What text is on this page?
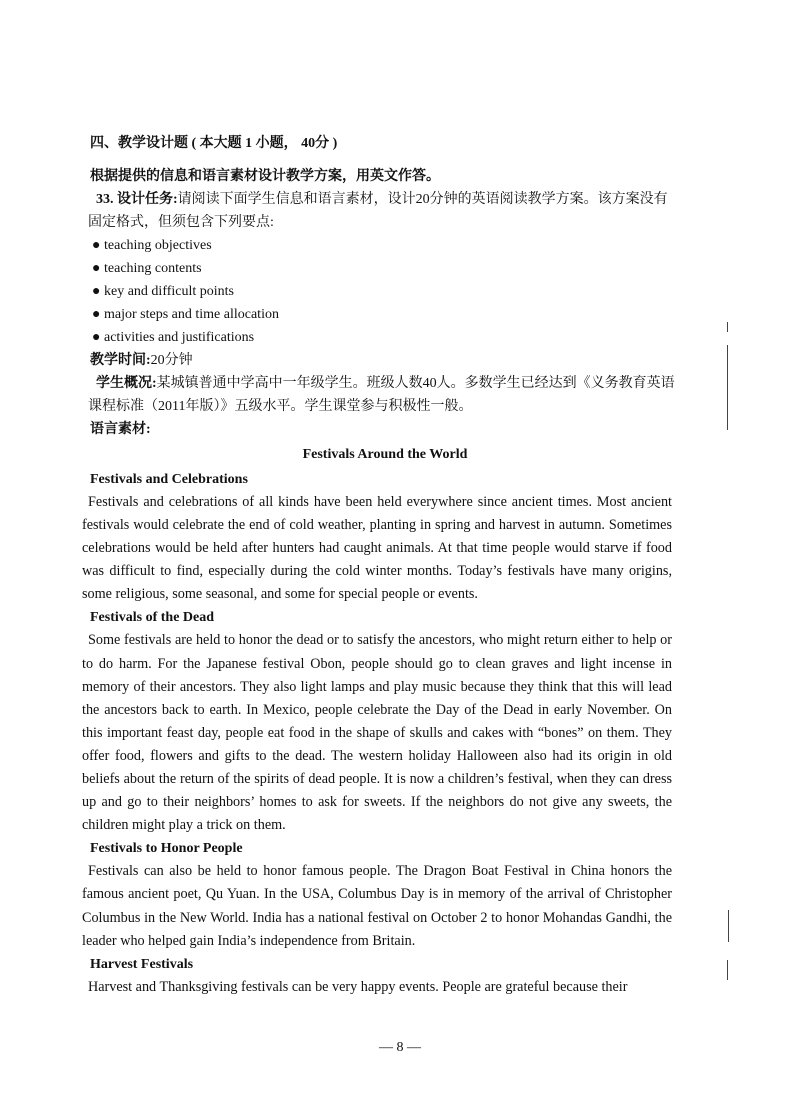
四、教学设计题 ( 本大题 1 小题， 40分 )

根据提供的信息和语言素材设计教学方案，用英文作答。

33. 设计任务:请阅读下面学生信息和语言素材，设计20分钟的英语阅读教学方案。该方案没有固定格式，但须包含下列要点:

● teaching objectives

● teaching contents

● key and difficult points

● major steps and time allocation

● activities and justifications

教学时间:20分钟

学生概况:某城镇普通中学高中一年级学生。班级人数40人。多数学生已经达到《义务教育英语课程标准（2011年版）》五级水平。学生课堂参与积极性一般。

语言素材:

Festivals Around the World

Festivals and Celebrations

Festivals and celebrations of all kinds have been held everywhere since ancient times. Most ancient festivals would celebrate the end of cold weather, planting in spring and harvest in autumn. Sometimes celebrations would be held after hunters had caught animals. At that time people would starve if food was difficult to find, especially during the cold winter months. Today’s festivals have many origins, some religious, some seasonal, and some for special people or events.

Festivals of the Dead

Some festivals are held to honor the dead or to satisfy the ancestors, who might return either to help or to do harm. For the Japanese festival Obon, people should go to clean graves and light incense in memory of their ancestors. They also light lamps and play music because they think that this will lead the ancestors back to earth. In Mexico, people celebrate the Day of the Dead in early November. On this important feast day, people eat food in the shape of skulls and cakes with “bones” on them. They offer food, flowers and gifts to the dead. The western holiday Halloween also had its origin in old beliefs about the return of the spirits of dead people. It is now a children’s festival, when they can dress up and go to their neighbors’ homes to ask for sweets. If the neighbors do not give any sweets, the children might play a trick on them.

Festivals to Honor People

Festivals can also be held to honor famous people. The Dragon Boat Festival in China honors the famous ancient poet, Qu Yuan. In the USA, Columbus Day is in memory of the arrival of Christopher Columbus in the New World. India has a national festival on October 2 to honor Mohandas Gandhi, the leader who helped gain India’s independence from Britain.

Harvest Festivals

Harvest and Thanksgiving festivals can be very happy events. People are grateful because their

— 8 —
